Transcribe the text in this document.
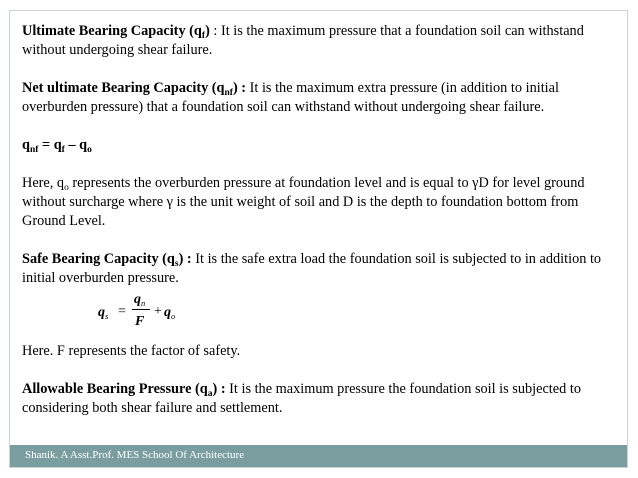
Ultimate Bearing Capacity $(q_f)$ : It is the maximum pressure that a foundation soil can withstand without undergoing shear failure.

Net ultimate Bearing Capacity $(q_{nf})$ : It is the maximum extra pressure (in addition to initial overburden pressure) that a foundation soil can withstand without undergoing shear failure.

$q_{nf} = q_f - q_o$

Here, $q_o$ represents the overburden pressure at foundation level and is equal to γD for level ground without surcharge where γ is the unit weight of soil and D is the depth to foundation bottom from Ground Level.

Safe Bearing Capacity $(q_s)$ : It is the safe extra load the foundation soil is subjected to in addition to initial overburden pressure.

$q_s$ =
$q_n$
F
+ $q_o$

Here. F represents the factor of safety.

Allowable Bearing Pressure $(q_a)$ : It is the maximum pressure the foundation soil is subjected to considering both shear failure and settlement.

Shanik. A Asst.Prof. MES School Of Architecture
